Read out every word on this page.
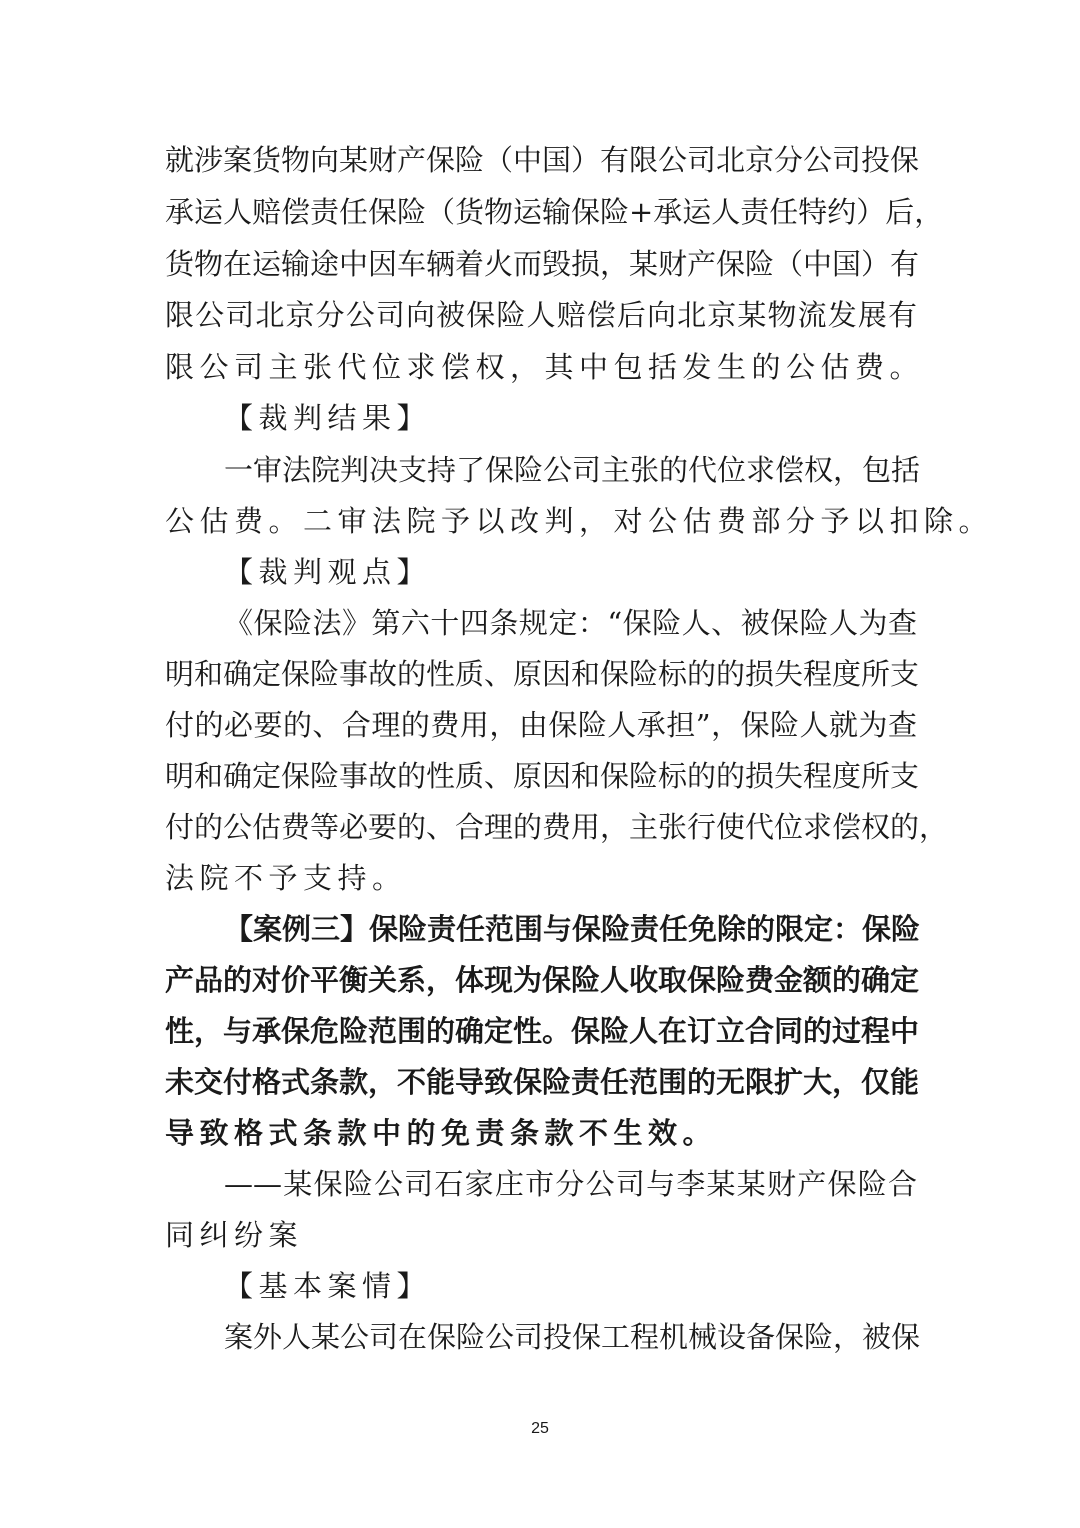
就涉案货物向某财产保险（中国）有限公司北京分公司投保
承运人赔偿责任保险（货物运输保险+承运人责任特约）后，
货物在运输途中因车辆着火而毁损，某财产保险（中国）有
限公司北京分公司向被保险人赔偿后向北京某物流发展有
限公司主张代位求偿权，其中包括发生的公估费。
【裁判结果】
一审法院判决支持了保险公司主张的代位求偿权，包括
公估费。二审法院予以改判，对公估费部分予以扣除。
【裁判观点】
《保险法》第六十四条规定：“保险人、被保险人为查
明和确定保险事故的性质、原因和保险标的的损失程度所支
付的必要的、合理的费用，由保险人承担”，保险人就为查
明和确定保险事故的性质、原因和保险标的的损失程度所支
付的公估费等必要的、合理的费用，主张行使代位求偿权的，
法院不予支持。
【案例三】保险责任范围与保险责任免除的限定：保险
产品的对价平衡关系，体现为保险人收取保险费金额的确定
性，与承保危险范围的确定性。保险人在订立合同的过程中
未交付格式条款，不能导致保险责任范围的无限扩大，仅能
导致格式条款中的免责条款不生效。
——某保险公司石家庄市分公司与李某某财产保险合
同纠纷案
【基本案情】
案外人某公司在保险公司投保工程机械设备保险，被保
25
